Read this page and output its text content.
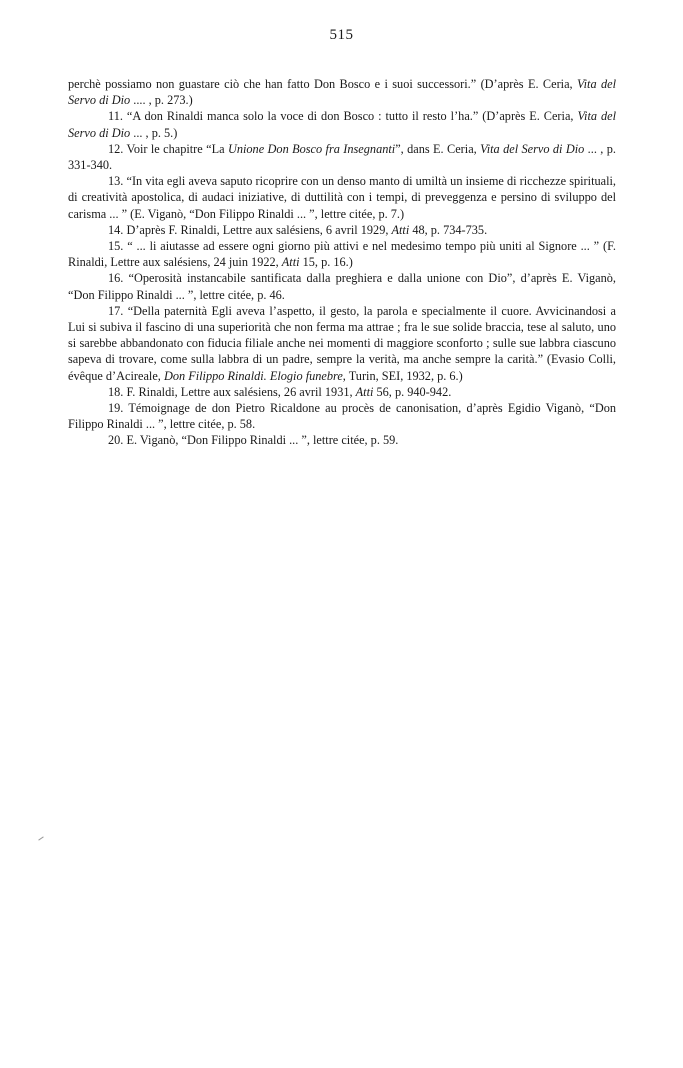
515

perchè possiamo non guastare ciò che han fatto Don Bosco e i suoi successori.” (D’après E. Ceria, Vita del Servo di Dio .... , p. 273.)

11. “A don Rinaldi manca solo la voce di don Bosco : tutto il resto l’ha.” (D’après E. Ceria, Vita del Servo di Dio ... , p. 5.)

12. Voir le chapitre “La Unione Don Bosco fra Insegnanti”, dans E. Ceria, Vita del Servo di Dio ... , p. 331-340.

13. “In vita egli aveva saputo ricoprire con un denso manto di umiltà un insieme di ricchezze spirituali, di creatività apostolica, di audaci iniziative, di duttilità con i tempi, di preveggenza e persino di sviluppo del carisma ... ” (E. Viganò, “Don Filippo Rinaldi ... ”, lettre citée, p. 7.)

14. D’après F. Rinaldi, Lettre aux salésiens, 6 avril 1929, Atti 48, p. 734-735.

15. “ ... li aiutasse ad essere ogni giorno più attivi e nel medesimo tempo più uniti al Signore ... ” (F. Rinaldi, Lettre aux salésiens, 24 juin 1922, Atti 15, p. 16.)

16. “Operosità instancabile santificata dalla preghiera e dalla unione con Dio”, d’après E. Viganò, “Don Filippo Rinaldi ... ”, lettre citée, p. 46.

17. “Della paternità Egli aveva l’aspetto, il gesto, la parola e specialmente il cuore. Avvicinandosi a Lui si subiva il fascino di una superiorità che non ferma ma attrae ; fra le sue solide braccia, tese al saluto, uno si sarebbe abbandonato con fiducia filiale anche nei momenti di maggiore sconforto ; sulle sue labbra ciascuno sapeva di trovare, come sulla labbra di un padre, sempre la verità, ma anche sempre la carità.” (Evasio Colli, évêque d’Acireale, Don Filippo Rinaldi. Elogio funebre, Turin, SEI, 1932, p. 6.)

18. F. Rinaldi, Lettre aux salésiens, 26 avril 1931, Atti 56, p. 940-942.

19. Témoignage de don Pietro Ricaldone au procès de canonisation, d’après Egidio Viganò, “Don Filippo Rinaldi ... ”, lettre citée, p. 58.

20. E. Viganò, “Don Filippo Rinaldi ... ”, lettre citée, p. 59.
